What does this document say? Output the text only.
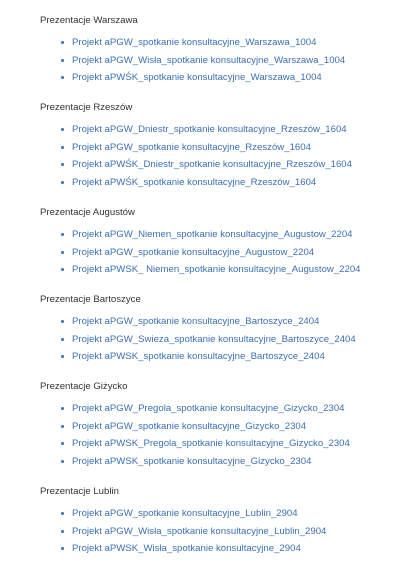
Prezentacje Warszawa
Projekt aPGW_spotkanie konsultacyjne_Warszawa_1004
Projekt aPGW_Wisła_spotkanie konsultacyjne_Warszawa_1004
Projekt aPWŚK_spotkanie konsultacyjne_Warszawa_1004
Prezentacje Rzeszów
Projekt aPGW_Dniestr_spotkanie konsultacyjne_Rzeszów_1604
Projekt aPGW_spotkanie konsultacyjne_Rzeszów_1604
Projekt aPWŚK_Dniestr_spotkanie konsultacyjne_Rzeszów_1604
Projekt aPWŚK_spotkanie konsultacyjne_Rzeszów_1604
Prezentacje Augustów
Projekt aPGW_Niemen_spotkanie konsultacyjne_Augustow_2204
Projekt aPGW_spotkanie konsultacyjne_Augustow_2204
Projekt aPWSK_ Niemen_spotkanie konsultacyjne_Augustow_2204
Prezentacje Bartoszyce
Projekt aPGW_spotkanie konsultacyjne_Bartoszyce_2404
Projekt aPGW_Swieza_spotkanie konsultacyjne_Bartoszyce_2404
Projekt aPWSK_spotkanie konsultacyjne_Bartoszyce_2404
Prezentacje Giżycko
Projekt aPGW_Pregola_spotkanie konsultacyjne_Gizycko_2304
Projekt aPGW_spotkanie konsultacyjne_Gizycko_2304
Projekt aPWSK_Pregola_spotkanie konsultacyjne_Gizycko_2304
Projekt aPWSK_spotkanie konsultacyjne_Gizycko_2304
Prezentacje Lublin
Projekt aPGW_spotkanie konsultacyjne_Lublin_2904
Projekt aPGW_Wisła_spotkanie konsultacyjne_Lublin_2904
Projekt aPWSK_Wisła_spotkanie konsultacyjne_2904
